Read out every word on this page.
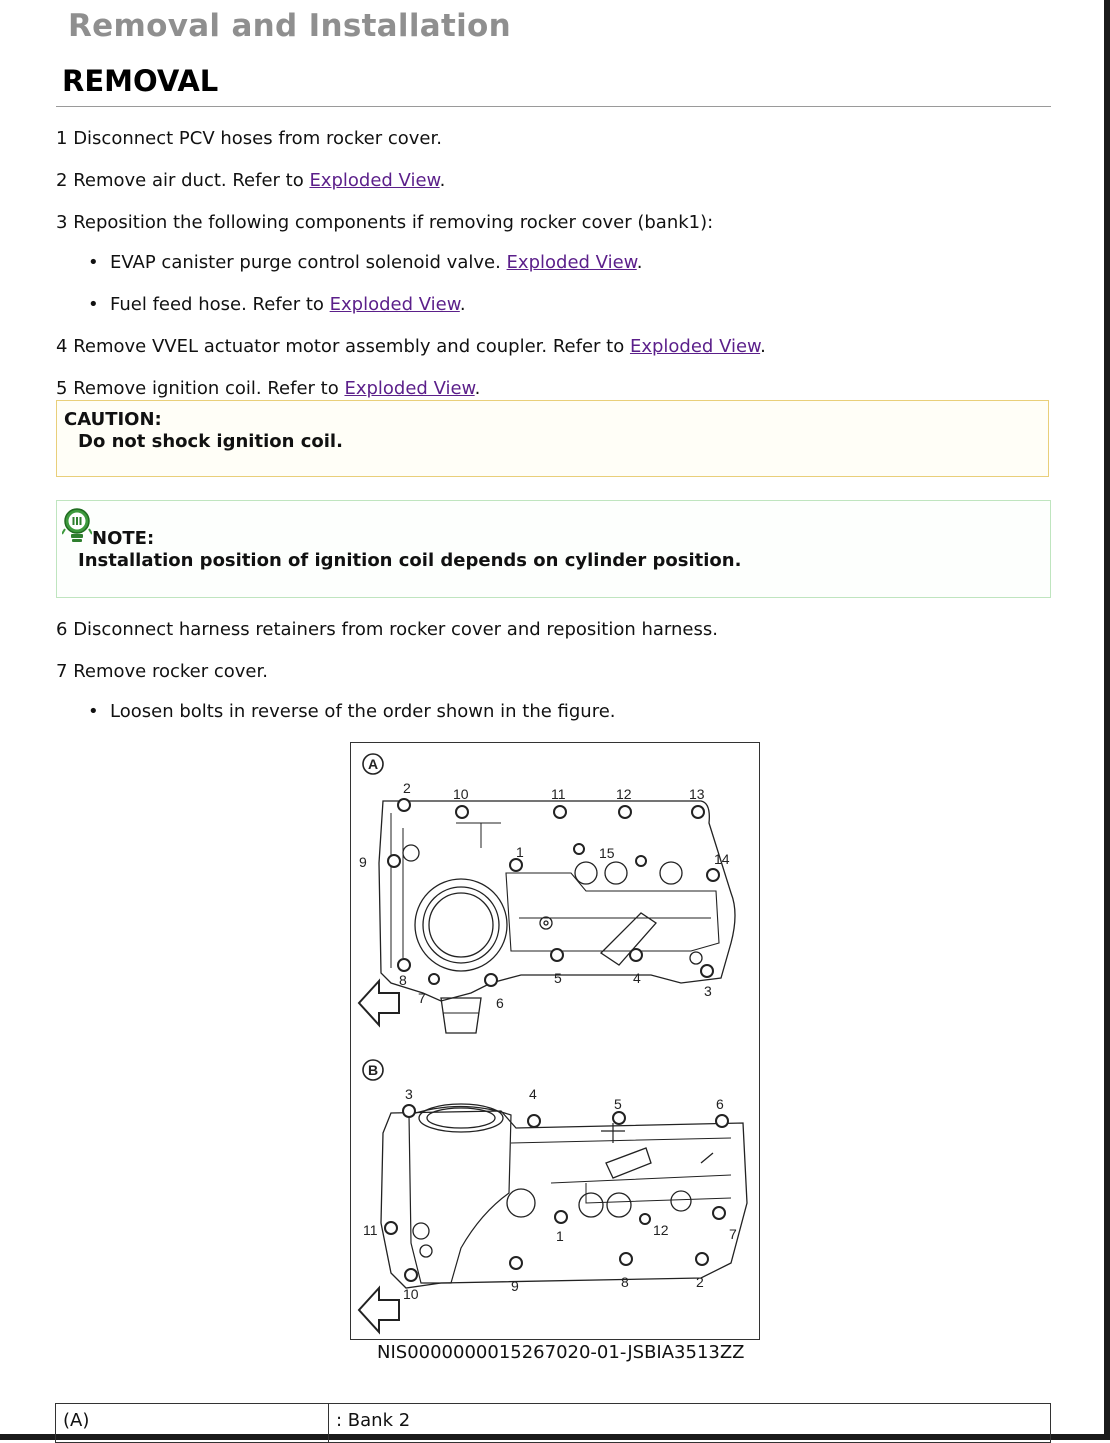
Removal and Installation
REMOVAL

1 Disconnect PCV hoses from rocker cover.

2 Remove air duct. Refer to Exploded View.

3 Reposition the following components if removing rocker cover (bank1):

• EVAP canister purge control solenoid valve. Exploded View.

• Fuel feed hose. Refer to Exploded View.

4 Remove VVEL actuator motor assembly and coupler. Refer to Exploded View.

5 Remove ignition coil. Refer to Exploded View.

CAUTION:
Do not shock ignition coil.
NOTE:
Installation position of ignition coil depends on cylinder position.

6 Disconnect harness retainers from rocker cover and reposition harness.

7 Remove rocker cover.

• Loosen bolts in reverse of the order shown in the figure.

A
2	10	11	12	13
1	15	14
9
8	5	4
3
7	6
B
3	4
5	6
7
12
1
11
8	2
9
10

NIS0000000015267020-01-JSBIA3513ZZ

(A)	: Bank 2
